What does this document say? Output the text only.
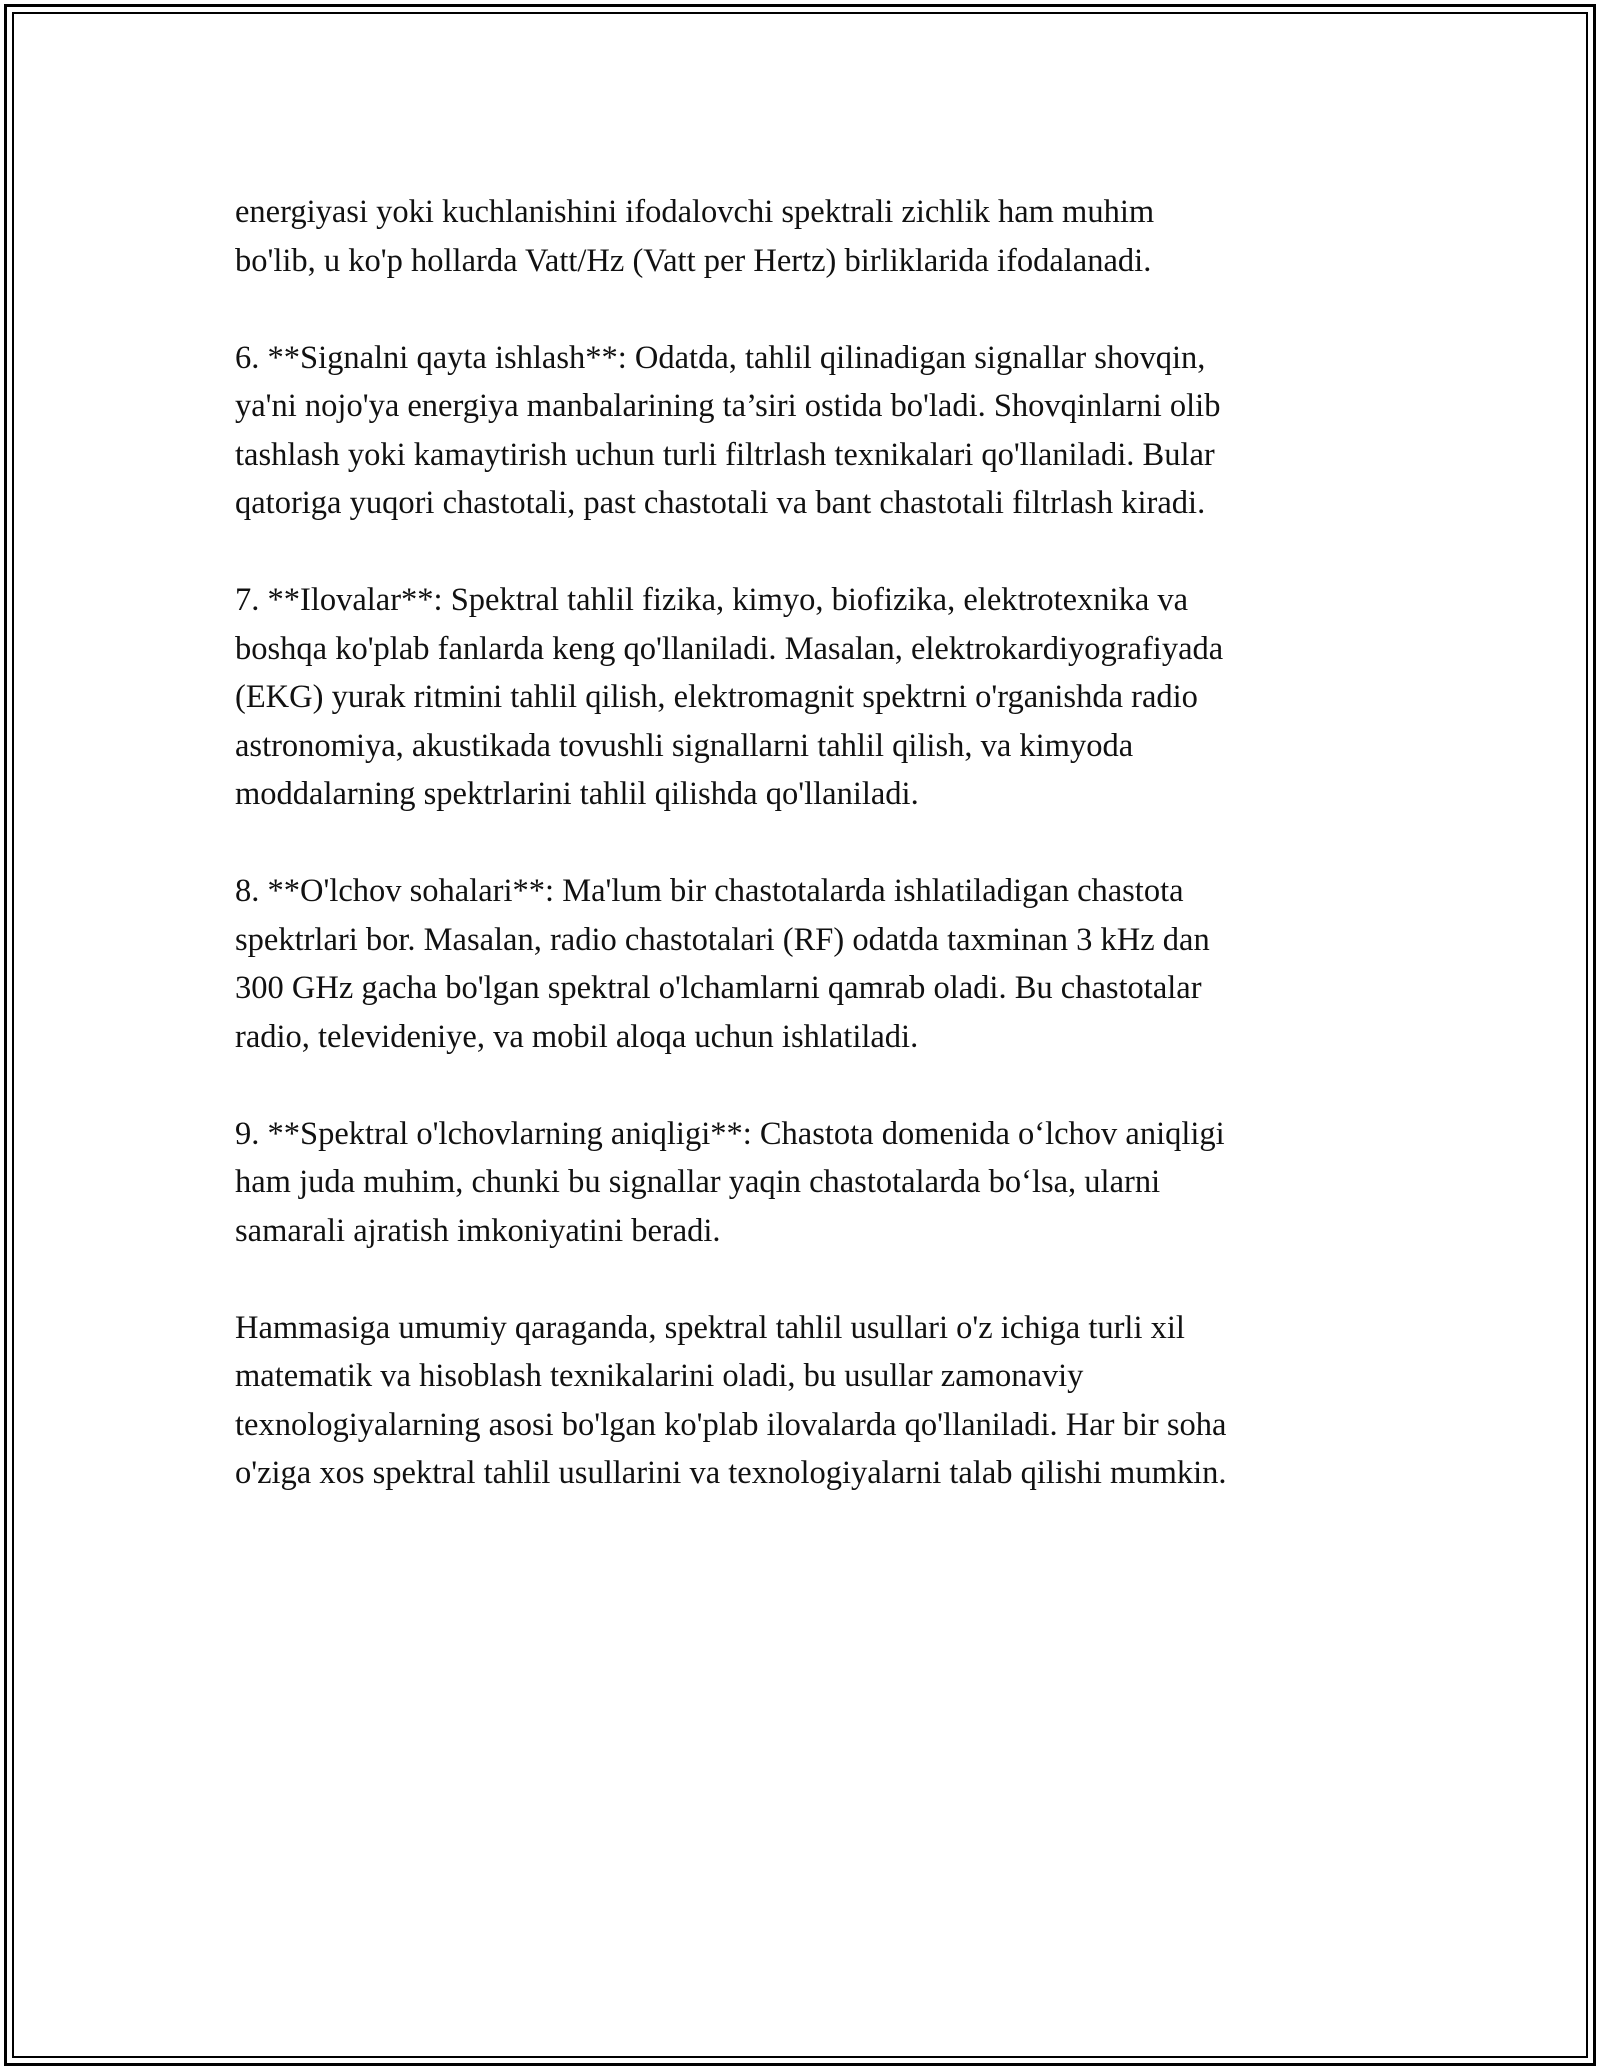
energiyasi yoki kuchlanishini ifodalovchi spektrali zichlik ham muhim
bo'lib, u ko'p hollarda Vatt/Hz (Vatt per Hertz) birliklarida ifodalanadi.

6. **Signalni qayta ishlash**: Odatda, tahlil qilinadigan signallar shovqin,
ya'ni nojo'ya energiya manbalarining ta’siri ostida bo'ladi. Shovqinlarni olib
tashlash yoki kamaytirish uchun turli filtrlash texnikalari qo'llaniladi. Bular
qatoriga yuqori chastotali, past chastotali va bant chastotali filtrlash kiradi.

7. **Ilovalar**: Spektral tahlil fizika, kimyo, biofizika, elektrotexnika va
boshqa ko'plab fanlarda keng qo'llaniladi. Masalan, elektrokardiyografiyada
(EKG) yurak ritmini tahlil qilish, elektromagnit spektrni o'rganishda radio
astronomiya, akustikada tovushli signallarni tahlil qilish, va kimyoda
moddalarning spektrlarini tahlil qilishda qo'llaniladi.

8. **O'lchov sohalari**: Ma'lum bir chastotalarda ishlatiladigan chastota
spektrlari bor. Masalan, radio chastotalari (RF) odatda taxminan 3 kHz dan
300 GHz gacha bo'lgan spektral o'lchamlarni qamrab oladi. Bu chastotalar
radio, televideniye, va mobil aloqa uchun ishlatiladi.

9. **Spektral o'lchovlarning aniqligi**: Chastota domenida o‘lchov aniqligi
ham juda muhim, chunki bu signallar yaqin chastotalarda bo‘lsa, ularni
samarali ajratish imkoniyatini beradi.

Hammasiga umumiy qaraganda, spektral tahlil usullari o'z ichiga turli xil
matematik va hisoblash texnikalarini oladi, bu usullar zamonaviy
texnologiyalarning asosi bo'lgan ko'plab ilovalarda qo'llaniladi. Har bir soha
o'ziga xos spektral tahlil usullarini va texnologiyalarni talab qilishi mumkin.
